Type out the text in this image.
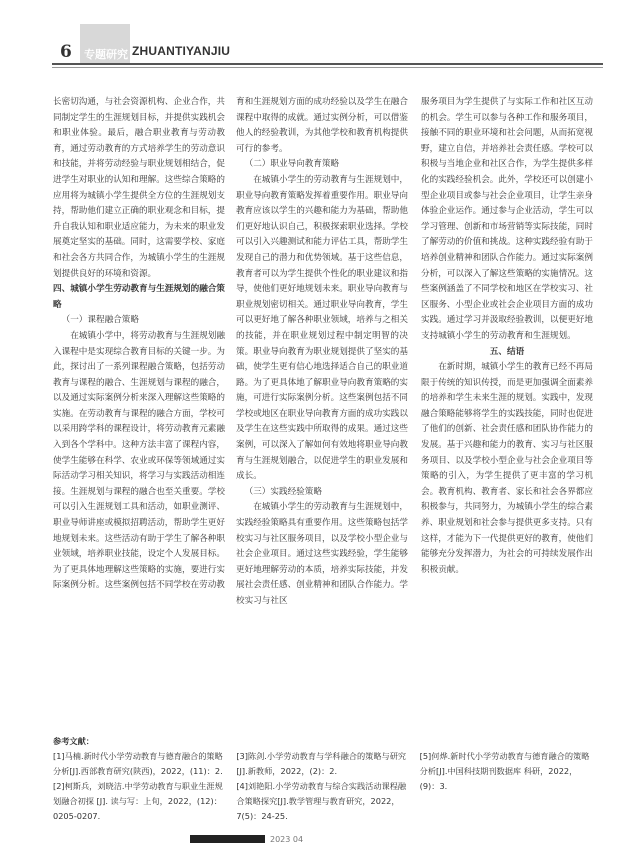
专题研究
6	ZHUANTIYANJIU

长密切沟通，与社会资源机构、企业合作，共同制定学生的生涯规划目标，并提供实践机会和职业体验。最后，融合职业教育与劳动教育，通过劳动教育的方式培养学生的劳动意识和技能，并将劳动经验与职业规划相结合，促进学生对职业的认知和理解。这些综合策略的应用将为城镇小学生提供全方位的生涯规划支持，帮助他们建立正确的职业观念和目标，提升自我认知和职业适应能力，为未来的职业发展奠定坚实的基础。同时，这需要学校、家庭和社会各方共同合作，为城镇小学生的生涯规划提供良好的环境和资源。

四、城镇小学生劳动教育与生涯规划的融合策略

（一）课程融合策略

在城镇小学中，将劳动教育与生涯规划融入课程中是实现综合教育目标的关键一步。为此，探讨出了一系列课程融合策略，包括劳动教育与课程的融合、生涯规划与课程的融合，以及通过实际案例分析来深入理解这些策略的实施。在劳动教育与课程的融合方面，学校可以采用跨学科的课程设计，将劳动教育元素融入到各个学科中。这种方法丰富了课程内容，使学生能够在科学、农业或环保等领域通过实际活动学习相关知识，将学习与实践活动相连接。生涯规划与课程的融合也至关重要。学校可以引入生涯规划工具和活动，如职业测评、职业导师讲座或模拟招聘活动，帮助学生更好地规划未来。这些活动有助于学生了解各种职业领域，培养职业技能，设定个人发展目标。为了更具体地理解这些策略的实施，要进行实际案例分析。这些案例包括不同学校在劳动教

育和生涯规划方面的成功经验以及学生在融合课程中取得的成就。通过实例分析，可以借鉴他人的经验教训，为其他学校和教育机构提供可行的参考。

（二）职业导向教育策略

在城镇小学生的劳动教育与生涯规划中，职业导向教育策略发挥着重要作用。职业导向教育应该以学生的兴趣和能力为基础，帮助他们更好地认识自己，积极探索职业选择。学校可以引入兴趣测试和能力评估工具，帮助学生发现自己的潜力和优势领域。基于这些信息，教育者可以为学生提供个性化的职业建议和指导，使他们更好地规划未来。职业导向教育与职业规划密切相关。通过职业导向教育，学生可以更好地了解各种职业领域，培养与之相关的技能，并在职业规划过程中制定明智的决策。职业导向教育为职业规划提供了坚实的基础，使学生更有信心地选择适合自己的职业道路。为了更具体地了解职业导向教育策略的实施，可进行实际案例分析。这些案例包括不同学校或地区在职业导向教育方面的成功实践以及学生在这些实践中所取得的成果。通过这些案例，可以深入了解如何有效地将职业导向教育与生涯规划融合，以促进学生的职业发展和成长。

（三）实践经验策略

在城镇小学生的劳动教育与生涯规划中，实践经验策略具有重要作用。这些策略包括学校实习与社区服务项目，以及学校小型企业与社会企业项目。通过这些实践经验，学生能够更好地理解劳动的本质，培养实际技能，并发展社会责任感、创业精神和团队合作能力。学校实习与社区

服务项目为学生提供了与实际工作和社区互动的机会。学生可以参与各种工作和服务项目，接触不同的职业环境和社会问题，从而拓宽视野，建立自信，并培养社会责任感。学校可以积极与当地企业和社区合作，为学生提供多样化的实践经验机会。此外，学校还可以创建小型企业项目或参与社会企业项目，让学生亲身体验企业运作。通过参与企业活动，学生可以学习管理、创新和市场营销等实际技能，同时了解劳动的价值和挑战。这种实践经验有助于培养创业精神和团队合作能力。通过实际案例分析，可以深入了解这些策略的实施情况。这些案例涵盖了不同学校和地区在学校实习、社区服务、小型企业或社会企业项目方面的成功实践。通过学习并汲取经验教训，以便更好地支持城镇小学生的劳动教育和生涯规划。

五、结语

在新时期，城镇小学生的教育已经不再局限于传统的知识传授，而是更加强调全面素养的培养和学生未来生涯的规划。实践中，发现融合策略能够将学生的实践技能，同时也促进了他们的创新、社会责任感和团队协作能力的发展。基于兴趣和能力的教育、实习与社区服务项目、以及学校小型企业与社会企业项目等策略的引入，为学生提供了更丰富的学习机会。教育机构、教育者、家长和社会各界都应积极参与，共同努力，为城镇小学生的综合素养、职业规划和社会参与提供更多支持。只有这样，才能为下一代提供更好的教育，使他们能够充分发挥潜力，为社会的可持续发展作出积极贡献。

参考文献：

[1]马楠.新时代小学劳动教育与德育融合的策略分析[J].西部教育研究(陕西)，2022，(11)：2.

[2]柯斯兵，刘晓洁.中学劳动教育与职业生涯规划融合初探 [J]. 读与写：上旬，2022，(12)：0205-0207.

[3]陈剑.小学劳动教育与学科融合的策略与研究[J].新教师，2022，(2)：2.

[4]刘艳阳.小学劳动教育与综合实践活动课程融合策略探究[J].教学管理与教育研究，2022，7(5)：24-25.

[5]何烨.新时代小学劳动教育与德育融合的策略分析[J].中国科技期刊数据库 科研，2022，(9)：3.

2023 04
